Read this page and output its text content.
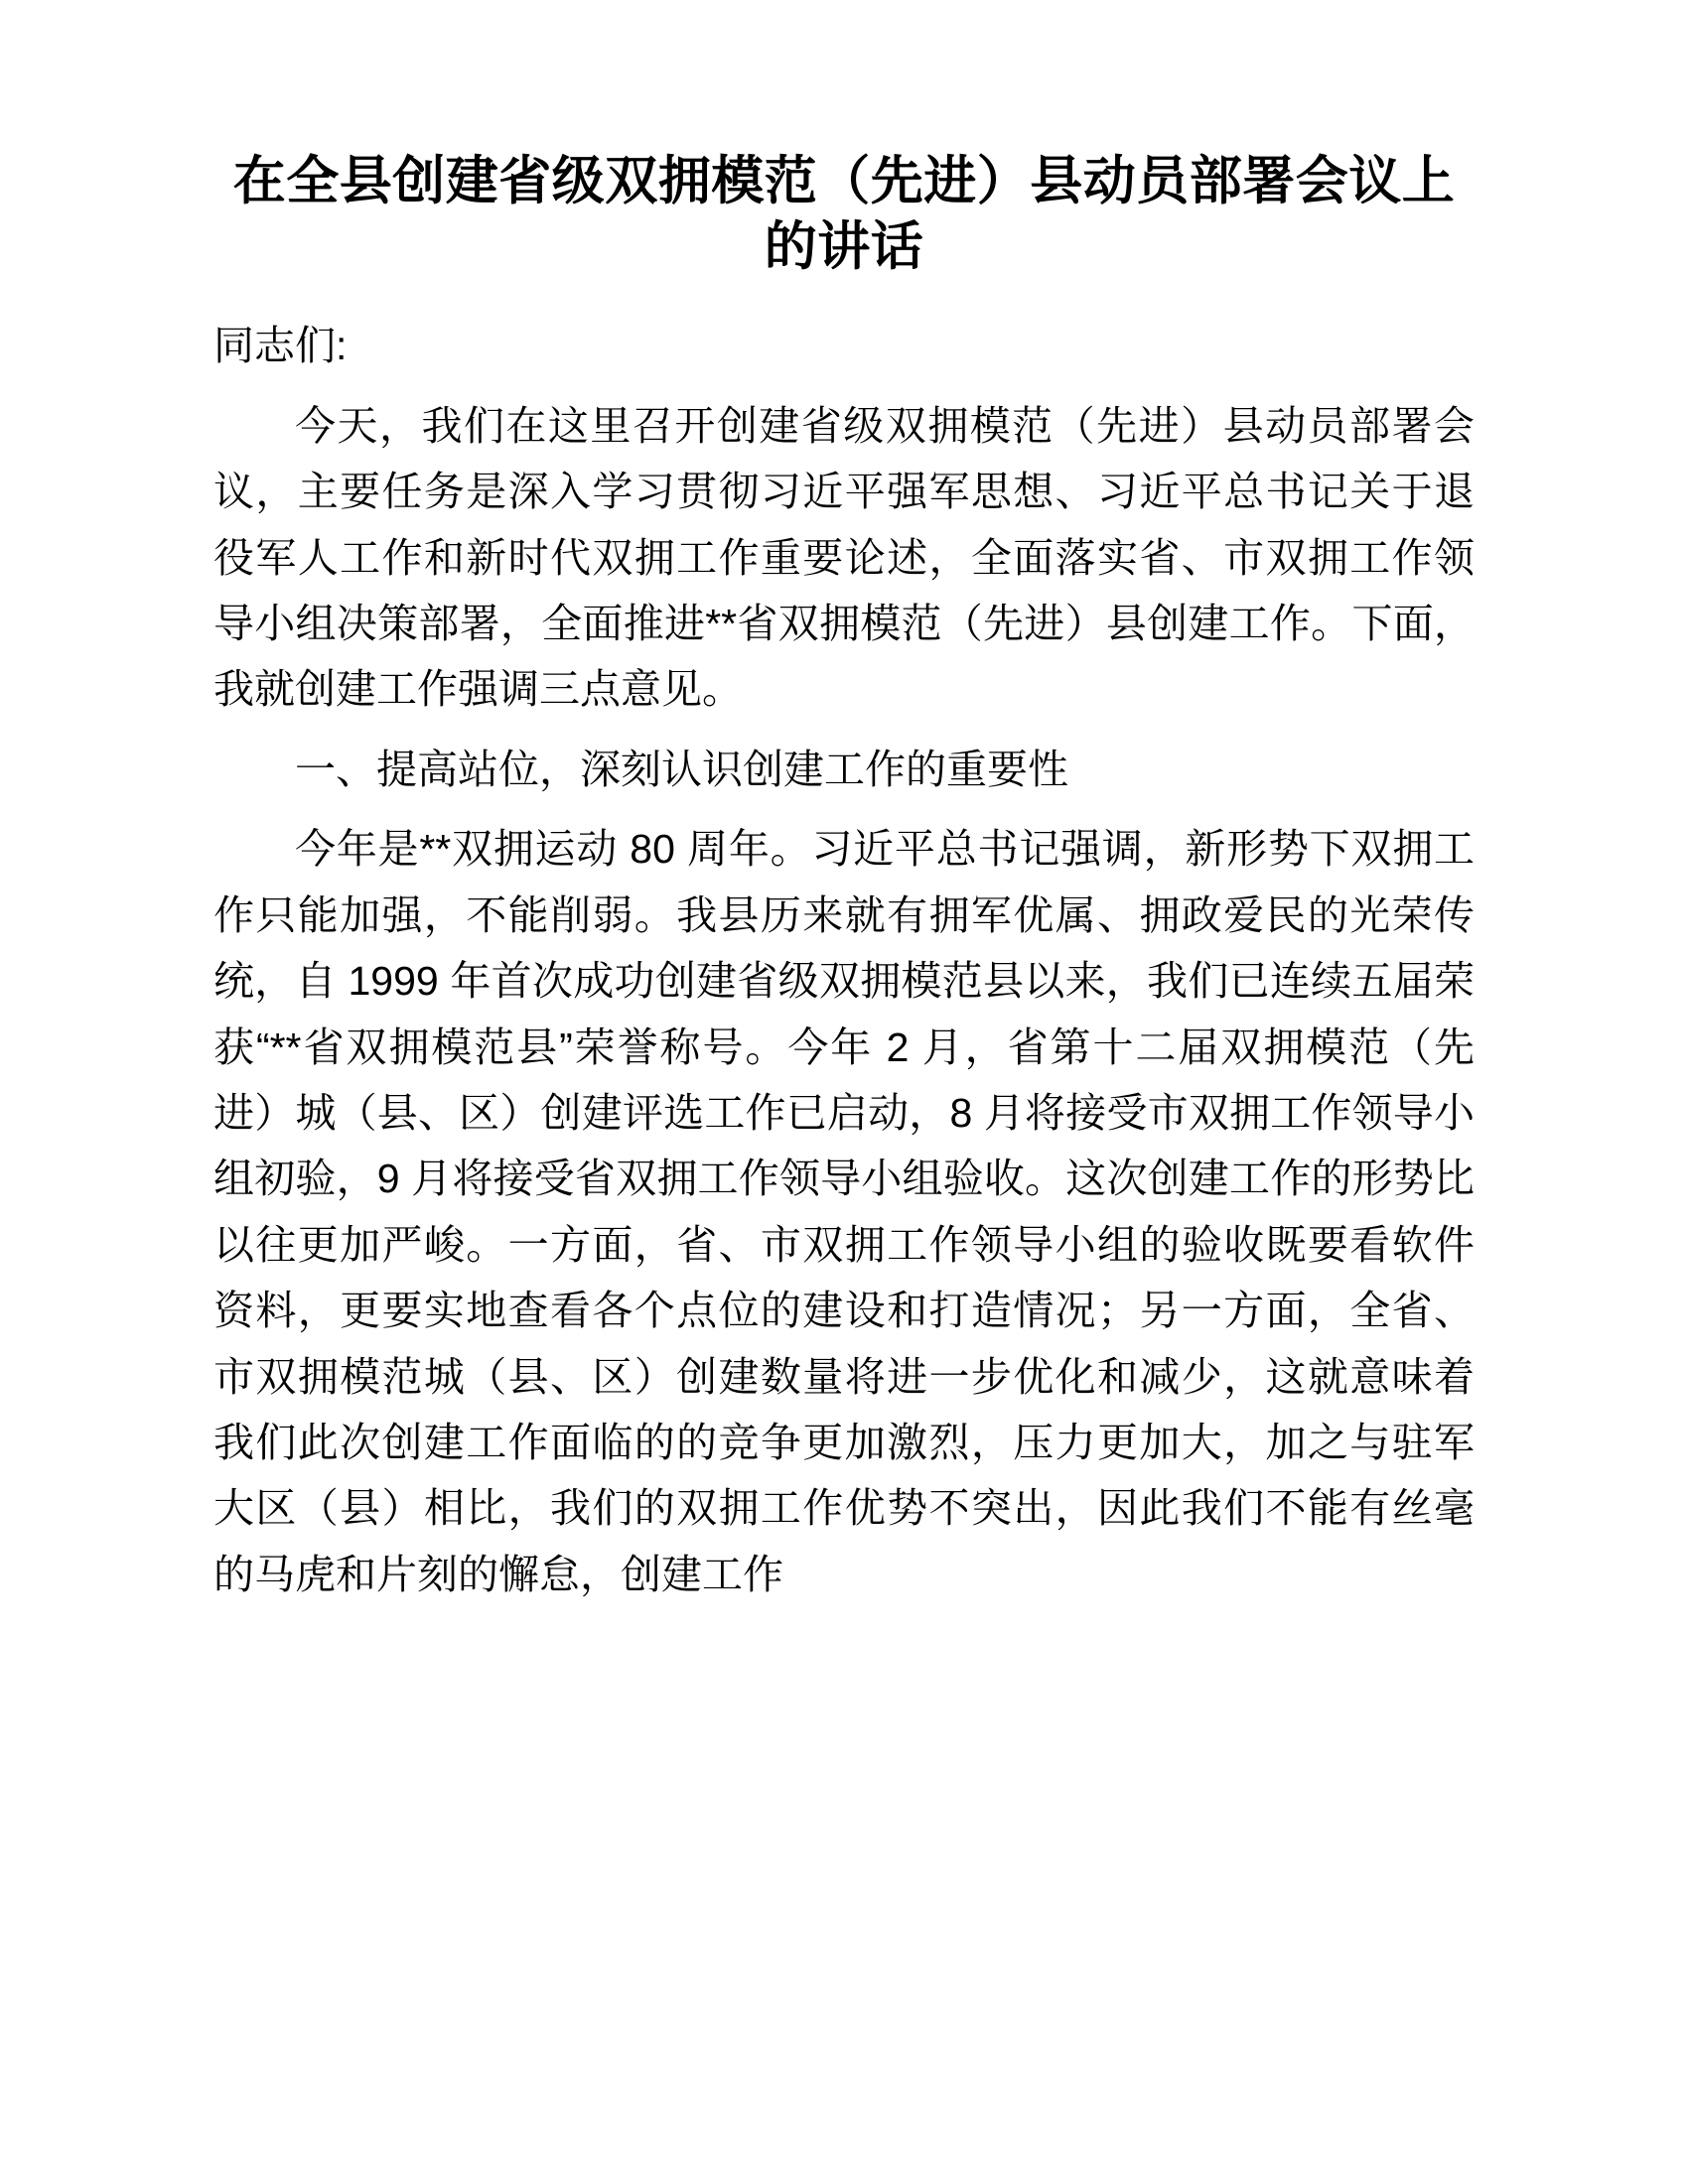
在全县创建省级双拥模范（先进）县动员部署会议上的讲话

同志们:

今天，我们在这里召开创建省级双拥模范（先进）县动员部署会议，主要任务是深入学习贯彻习近平强军思想、习近平总书记关于退役军人工作和新时代双拥工作重要论述，全面落实省、市双拥工作领导小组决策部署，全面推进**省双拥模范（先进）县创建工作。下面，我就创建工作强调三点意见。

一、提高站位，深刻认识创建工作的重要性

今年是**双拥运动 80 周年。习近平总书记强调，新形势下双拥工作只能加强，不能削弱。我县历来就有拥军优属、拥政爱民的光荣传统，自 1999 年首次成功创建省级双拥模范县以来，我们已连续五届荣获“**省双拥模范县”荣誉称号。今年 2 月，省第十二届双拥模范（先进）城（县、区）创建评选工作已启动，8 月将接受市双拥工作领导小组初验，9 月将接受省双拥工作领导小组验收。这次创建工作的形势比以往更加严峻。一方面，省、市双拥工作领导小组的验收既要看软件资料，更要实地查看各个点位的建设和打造情况；另一方面，全省、市双拥模范城（县、区）创建数量将进一步优化和减少，这就意味着我们此次创建工作面临的的竞争更加激烈，压力更加大，加之与驻军大区（县）相比，我们的双拥工作优势不突出，因此我们不能有丝毫的马虎和片刻的懈怠，创建工作
